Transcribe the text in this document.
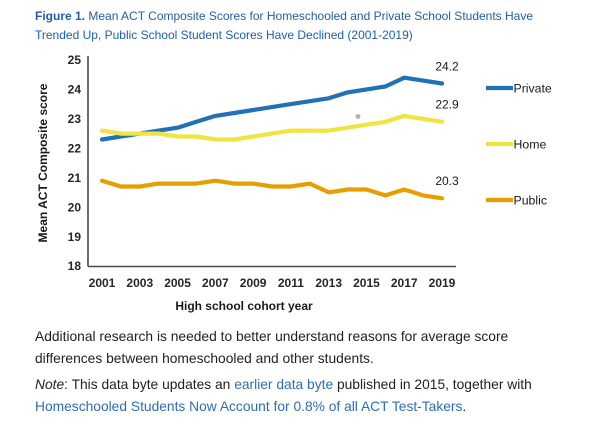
Figure 1. Mean ACT Composite Scores for Homeschooled and Private School Students Have
Trended Up, Public School Student Scores Have Declined (2001-2019)
Mean ACT Composite score
High school cohort year
25
24
23
22
21
20
19
18
2001 2003 2005 2007 2009 2011 2013 2015 2017 2019
24.2
20.3
22.9
Private
Home
Public
Additional research is needed to better understand reasons for average score
differences between homeschooled and other students.
Note: This data byte updates an earlier data byte published in 2015, together with
Homeschooled Students Now Account for 0.8% of all ACT Test-Takers.
